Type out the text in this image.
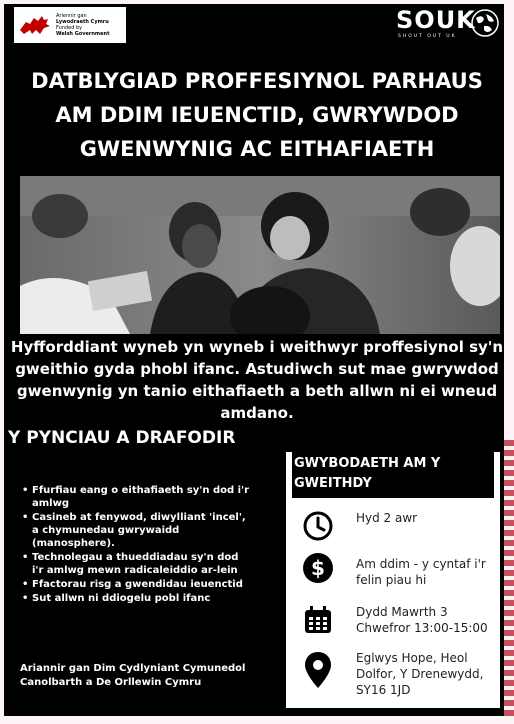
Ariennir gan
Lywodraeth Cymru
Funded by
Welsh Government	SOUK
SHOUT OUT UK
DATBLYGIAD PROFFESIYNOL PARHAUS
AM DDIM IEUENCTID, GWRYWDOD
GWENWYNIG AC EITHAFIAETH
Hyfforddiant wyneb yn wyneb i weithwyr proffesiynol sy'n
gweithio gyda phobl ifanc. Astudiwch sut mae gwrywdod
gwenwynig yn tanio eithafiaeth a beth allwn ni ei wneud
amdano.
Y PYNCIAU A DRAFODIR
• Ffurfiau eang o eithafiaeth sy'n dod i'r
amlwg
• Casineb at fenywod, diwylliant 'incel',
a chymunedau gwrywaidd
(manosphere).
• Technolegau a thueddiadau sy'n dod
i'r amlwg mewn radicaleiddio ar-lein
• Ffactorau risg a gwendidau ieuenctid
• Sut allwn ni ddiogelu pobl ifanc
Ariannir gan Dim Cydlyniant Cymunedol
Canolbarth a De Orllewin Cymru
GWYBODAETH AM Y
GWEITHDY
Hyd 2 awr
$	Am ddim - y cyntaf i'r
felin piau hi
Dydd Mawrth 3
Chwefror 13:00-15:00
Eglwys Hope, Heol
Dolfor, Y Drenewydd,
SY16 1JD
